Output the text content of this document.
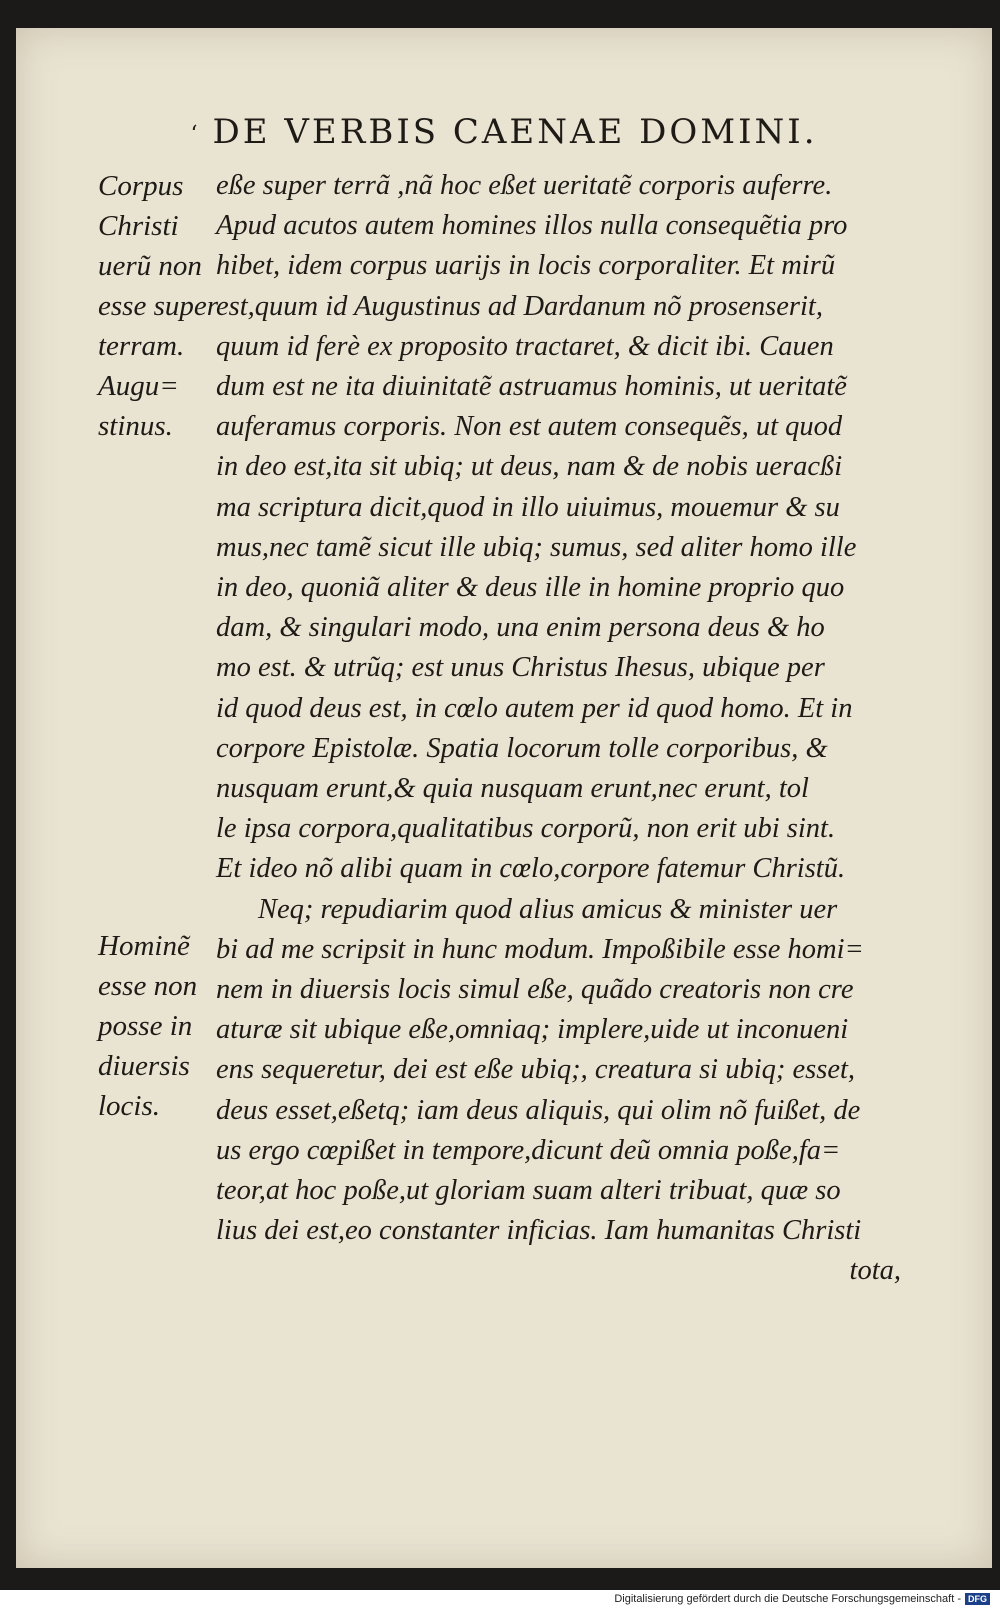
‘ DE VERBIS CAENAE DOMINI.
Corpus
Christi
uerũ non
esse super
terram.
Augu=
stinus.
Hominẽ
esse non
posse in
diuersis
locis.
eße super terrã ,nã hoc eßet ueritatẽ corporis auferre.
Apud acutos autem homines illos nulla consequẽtia pro
hibet, idem corpus uarijs in locis corporaliter. Et mirũ
est,quum id Augustinus ad Dardanum nõ prosenserit,
quum id ferè ex proposito tractaret, & dicit ibi. Cauen
dum est ne ita diuinitatẽ astruamus hominis, ut ueritatẽ
auferamus corporis. Non est autem consequẽs, ut quod
in deo est,ita sit ubiq; ut deus, nam & de nobis ueracßi
ma scriptura dicit,quod in illo uiuimus, mouemur & su
mus,nec tamẽ sicut ille ubiq; sumus, sed aliter homo ille
in deo, quoniã aliter & deus ille in homine proprio quo
dam, & singulari modo, una enim persona deus & ho
mo est. & utrũq; est unus Christus Ihesus, ubique per
id quod deus est, in cœlo autem per id quod homo. Et in
corpore Epistolæ. Spatia locorum tolle corporibus, &
nusquam erunt,& quia nusquam erunt,nec erunt, tol
le ipsa corpora,qualitatibus corporũ, non erit ubi sint.
Et ideo nõ alibi quam in cœlo,corpore fatemur Christũ.
Neq; repudiarim quod alius amicus & minister uer
bi ad me scripsit in hunc modum. Impoßibile esse homi=
nem in diuersis locis simul eße, quãdo creatoris non cre
aturæ sit ubique eße,omniaq; implere,uide ut inconueni
ens sequeretur, dei est eße ubiq;, creatura si ubiq; esset,
deus esset,eßetq; iam deus aliquis, qui olim nõ fuißet, de
us ergo cœpißet in tempore,dicunt deũ omnia poße,fa=
teor,at hoc poße,ut gloriam suam alteri tribuat, quæ so
lius dei est,eo constanter inficias. Iam humanitas Christi
tota,
Digitalisierung gefördert durch die Deutsche Forschungsgemeinschaft - DFG
